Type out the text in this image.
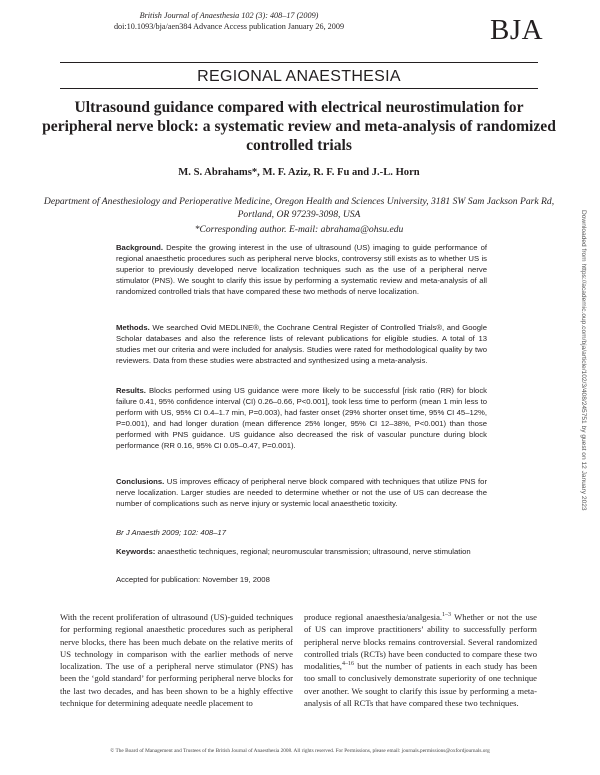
British Journal of Anaesthesia 102 (3): 408–17 (2009)
doi:10.1093/bja/aen384 Advance Access publication January 26, 2009	BJA
REGIONAL ANAESTHESIA
Ultrasound guidance compared with electrical neurostimulation for peripheral nerve block: a systematic review and meta-analysis of randomized controlled trials
M. S. Abrahams*, M. F. Aziz, R. F. Fu and J.-L. Horn
Department of Anesthesiology and Perioperative Medicine, Oregon Health and Sciences University, 3181 SW Sam Jackson Park Rd, Portland, OR 97239-3098, USA
*Corresponding author. E-mail: abrahama@ohsu.edu
Background. Despite the growing interest in the use of ultrasound (US) imaging to guide performance of regional anaesthetic procedures such as peripheral nerve blocks, controversy still exists as to whether US is superior to previously developed nerve localization techniques such as the use of a peripheral nerve stimulator (PNS). We sought to clarify this issue by performing a systematic review and meta-analysis of all randomized controlled trials that have compared these two methods of nerve localization.
Methods. We searched Ovid MEDLINE®, the Cochrane Central Register of Controlled Trials®, and Google Scholar databases and also the reference lists of relevant publications for eligible studies. A total of 13 studies met our criteria and were included for analysis. Studies were rated for methodological quality by two reviewers. Data from these studies were abstracted and synthesized using a meta-analysis.
Results. Blocks performed using US guidance were more likely to be successful [risk ratio (RR) for block failure 0.41, 95% confidence interval (CI) 0.26–0.66, P<0.001], took less time to perform (mean 1 min less to perform with US, 95% CI 0.4–1.7 min, P=0.003), had faster onset (29% shorter onset time, 95% CI 45–12%, P=0.001), and had longer duration (mean difference 25% longer, 95% CI 12–38%, P<0.001) than those performed with PNS guidance. US guidance also decreased the risk of vascular puncture during block performance (RR 0.16, 95% CI 0.05–0.47, P=0.001).
Conclusions. US improves efficacy of peripheral nerve block compared with techniques that utilize PNS for nerve localization. Larger studies are needed to determine whether or not the use of US can decrease the number of complications such as nerve injury or systemic local anaesthetic toxicity.
Br J Anaesth 2009; 102: 408–17
Keywords: anaesthetic techniques, regional; neuromuscular transmission; ultrasound, nerve stimulation
Accepted for publication: November 19, 2008
Downloaded from https://academic.oup.com/bja/article/102/3/408/245751 by guest on 12 January 2023
With the recent proliferation of ultrasound (US)-guided techniques for performing regional anaesthetic procedures such as peripheral nerve blocks, there has been much debate on the relative merits of US technology in comparison with the earlier methods of nerve localization. The use of a peripheral nerve stimulator (PNS) has been the ‘gold standard’ for performing peripheral nerve blocks for the last two decades, and has been shown to be a highly effective technique for determining adequate needle placement to
produce regional anaesthesia/analgesia.$^{1-3}$ Whether or not the use of US can improve practitioners’ ability to successfully perform peripheral nerve blocks remains controversial. Several randomized controlled trials (RCTs) have been conducted to compare these two modalities,$^{4-16}$ but the number of patients in each study has been too small to conclusively demonstrate superiority of one technique over another. We sought to clarify this issue by performing a meta-analysis of all RCTs that have compared these two techniques.
© The Board of Management and Trustees of the British Journal of Anaesthesia 2008. All rights reserved. For Permissions, please email: journals.permissions@oxfordjournals.org
